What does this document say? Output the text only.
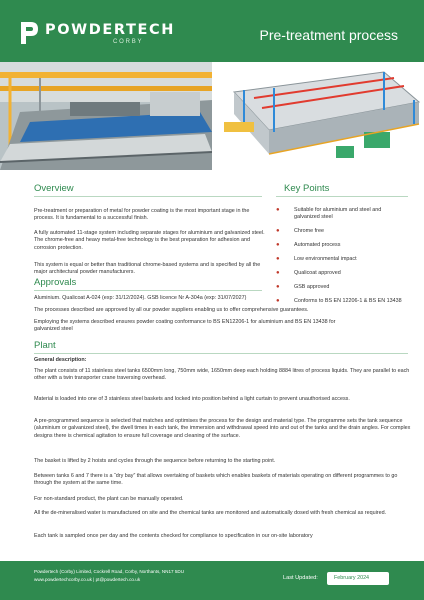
POWDERTECH
CORBY	Pre-treatment process
Overview

Pre-treatment or preparation of metal for powder coating is the most important stage in the process. It is fundamental to a successful finish.

A fully automated 11-stage system including separate stages for aluminium and galvanized steel. The chrome-free and heavy metal-free technology is the best preparation for adhesion and corrosion protection.

This system is equal or better than traditional chrome-based systems and is specified by all the major architectural powder manufacturers.

Key Points
●	Suitable for aluminium and steel and galvanized steel
●	Chrome free
●	Automated process
●	Low environmental impact
●	Qualicoat approved
●	GSB approved
●	Conforms to BS EN 12206-1 & BS EN 13438
Approvals

Aluminium. Qualicoat A-024 (exp: 31/12/2024). GSB licence Nr A-304a (exp: 31/07/2027)

The processes described are approved by all our powder suppliers enabling us to offer comprehensive guarantees.

Employing the systems described ensures powder coating conformance to BS EN12206-1 for aluminium and BS EN 13438 for galvanized steel

Plant

General description:

The plant consists of 11 stainless steel tanks 6500mm long, 750mm wide, 1650mm deep each holding 8884 litres of process liquids. They are parallel to each other with a twin transporter crane traversing overhead.

Material is loaded into one of 3 stainless steel baskets and locked into position behind a light curtain to prevent unauthorised access.

A pre-programmed sequence is selected that matches and optimises the process for the design and material type. The programme sets the tank sequence (aluminium or galvanized steel), the dwell times in each tank, the immersion and withdrawal speed into and out of the tanks and the drain angles. For complex designs there is chemical agitation to ensure full coverage and cleaning of the surface.

The basket is lifted by 2 hoists and cycles through the sequence before returning to the starting point.

Between tanks 6 and 7 there is a “dry bay” that allows overtaking of baskets which enables baskets of materials operating on different programmes to go through the system at the same time.

For non-standard product, the plant can be manually operated.

All the de-mineralised water is manufactured on site and the chemical tanks are monitored and automatically dosed with fresh chemical as required.

Each tank is sampled once per day and the contents checked for compliance to specification in our on-site laboratory

Powdertech (Corby) Limited, Cockrell Road, Corby, Northants, NN17 5DU
www.powdertechcorby.co.uk | pt@powdertech.co.uk	Last Updated:	February 2024
